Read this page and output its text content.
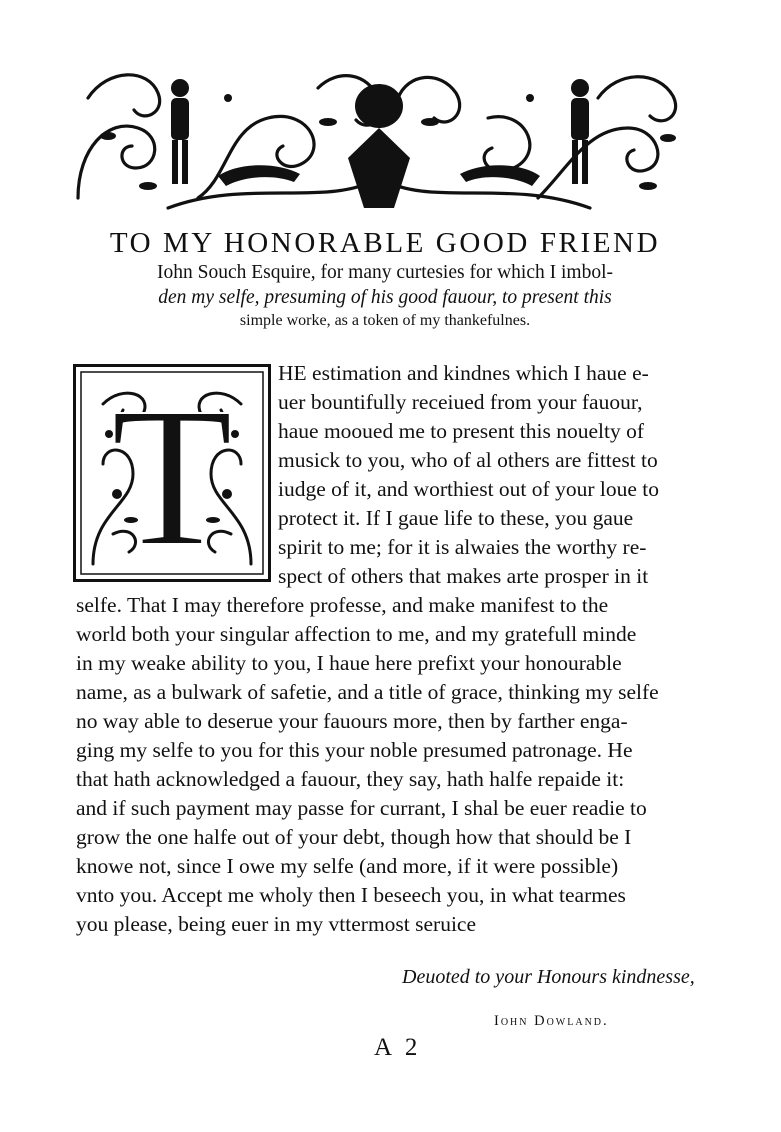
TO MY HONORABLE GOOD FRIEND
Iohn Souch Esquire, for many curtesies for which I imbol-
den my selfe, presuming of his good fauour, to present this
simple worke, as a token of my thankefulnes.
T HE estimation and kindnes which I haue e-
uer bountifully receiued from your fauour,
haue mooued me to present this nouelty of
musick to you, who of al others are fittest to
iudge of it, and worthiest out of your loue to
protect it. If I gaue life to these, you gaue
spirit to me; for it is alwaies the worthy re-
spect of others that makes arte prosper in it
selfe. That I may therefore professe, and make manifest to the
world both your singular affection to me, and my gratefull minde
in my weake ability to you, I haue here prefixt your honourable
name, as a bulwark of safetie, and a title of grace, thinking my selfe
no way able to deserue your fauours more, then by farther enga-
ging my selfe to you for this your noble presumed patronage. He
that hath acknowledged a fauour, they say, hath halfe repaide it:
and if such payment may passe for currant, I shal be euer readie to
grow the one halfe out of your debt, though how that should be I
knowe not, since I owe my selfe (and more, if it were possible)
vnto you. Accept me wholy then I beseech you, in what tearmes
you please, being euer in my vttermost seruice
Deuoted to your Honours kindnesse,
Iohn Dowland.
A 2
